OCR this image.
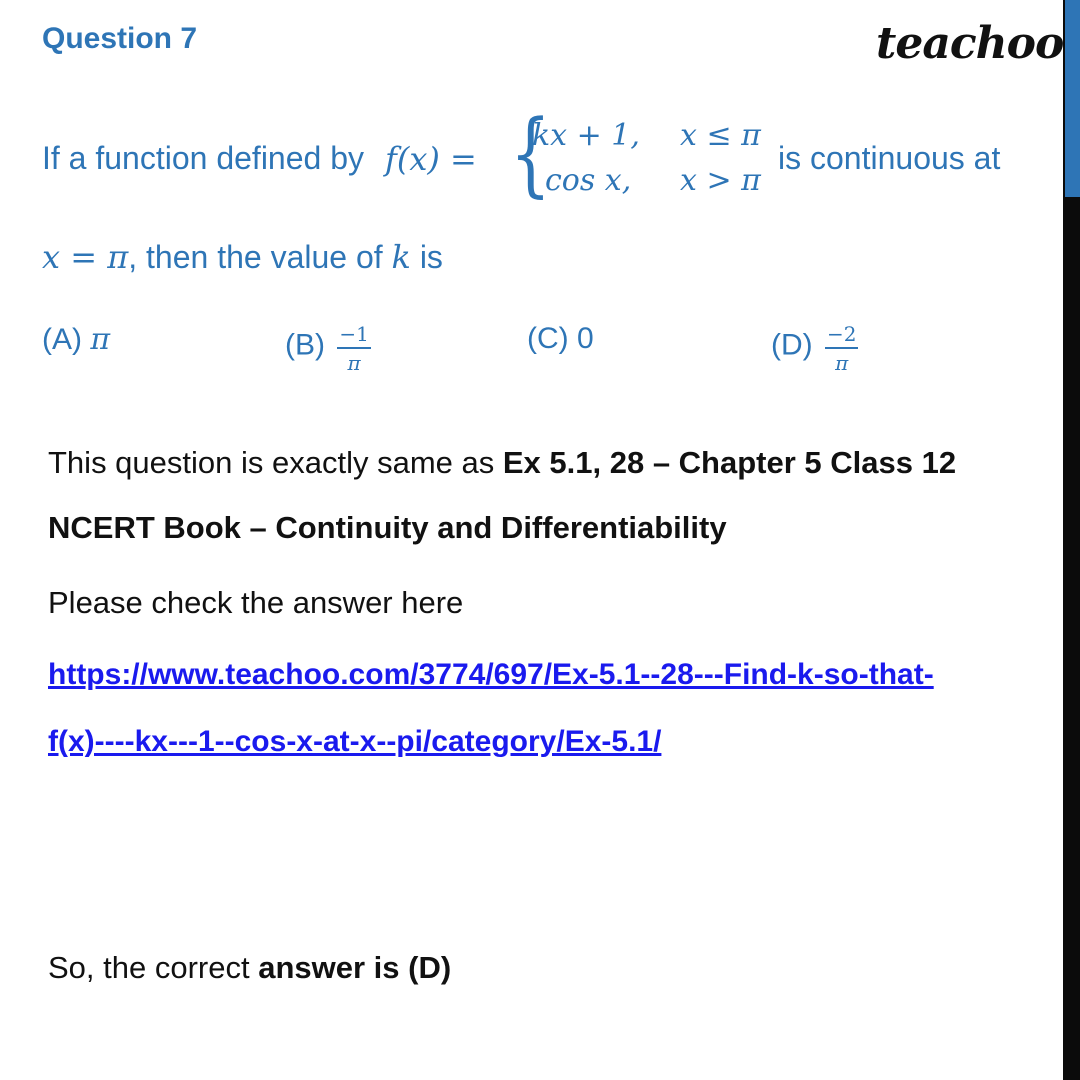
Question 7	teachoo
If a function defined by f(x) = {
kx + 1, x ≤ π
cos x, x > π
is continuous at
x = π, then the value of k is
(A) π	$(B) \frac{-1}{\pi}$	(C) 0	$(D) \frac{-2}{\pi}$
This question is exactly same as Ex 5.1, 28 – Chapter 5 Class 12
NCERT Book – Continuity and Differentiability
Please check the answer here
https://www.teachoo.com/3774/697/Ex-5.1--28---Find-k-so-that-
f(x)----kx---1--cos-x-at-x--pi/category/Ex-5.1/
So, the correct answer is (D)
